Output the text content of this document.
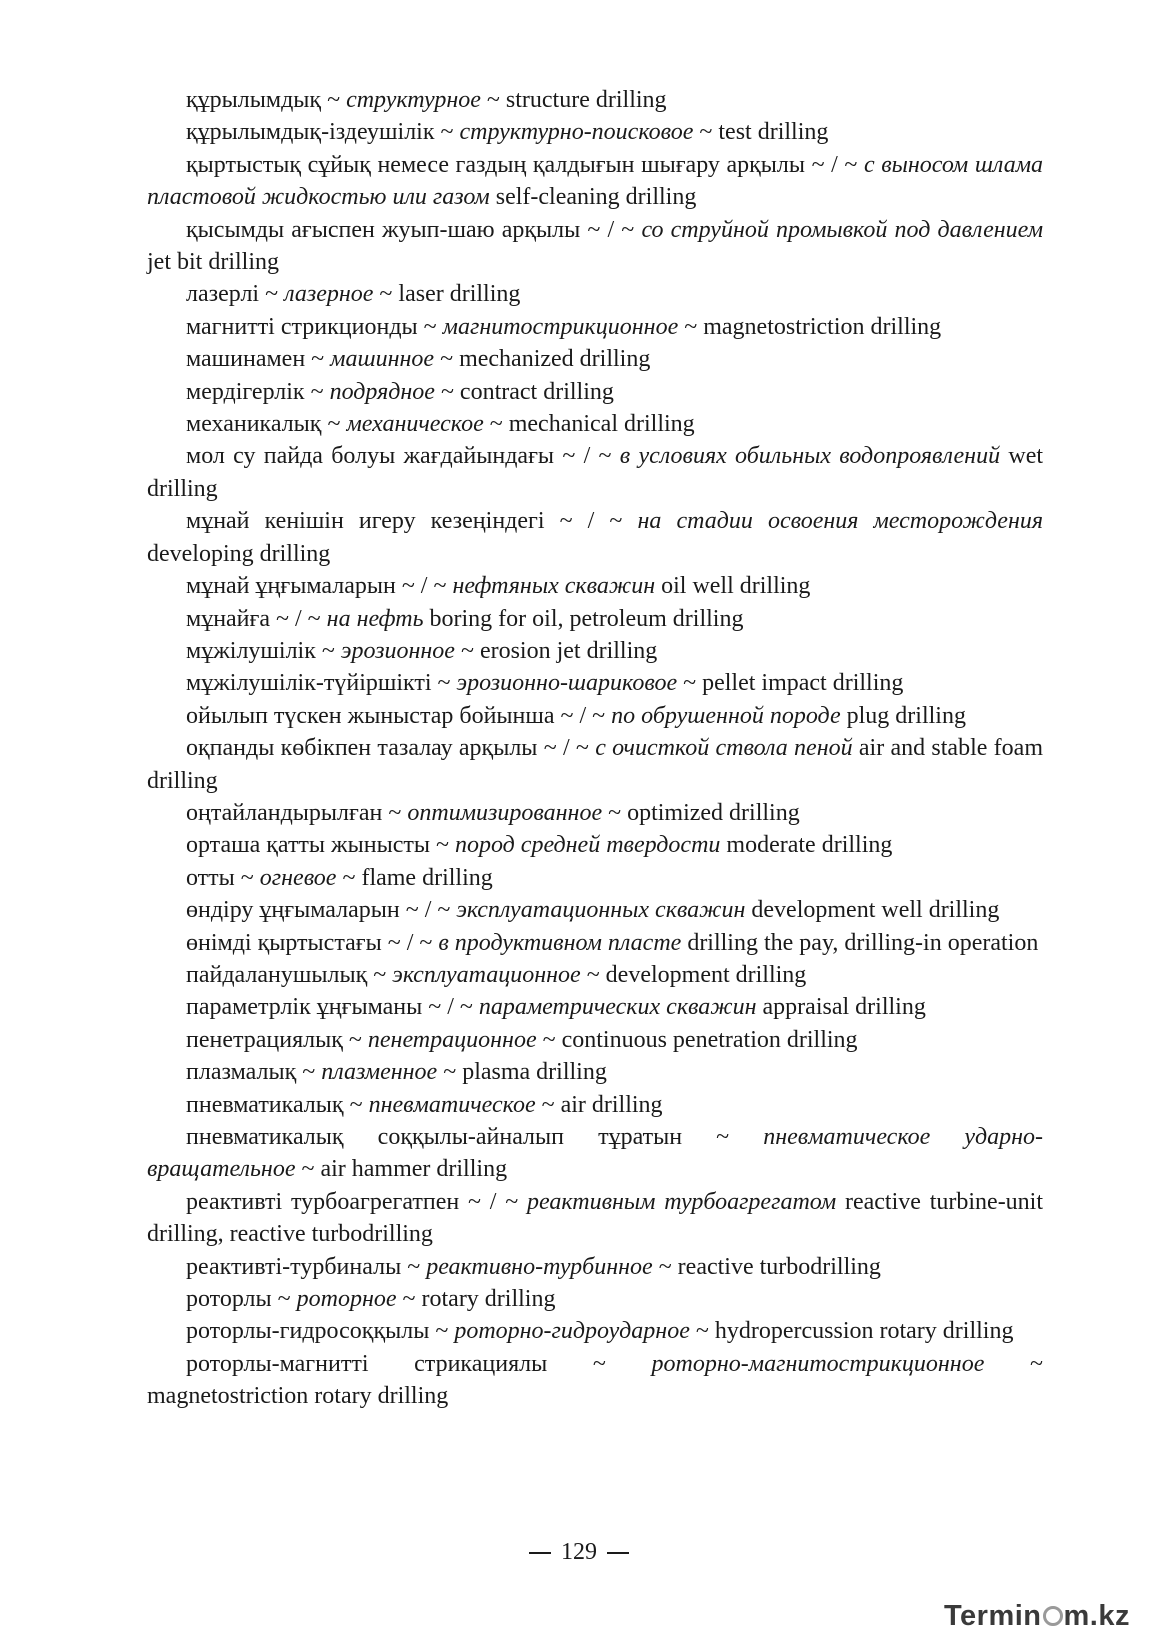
құрылымдық ~ структурное ~ structure drilling

құрылымдық-іздеушілік ~ структурно-поисковое ~ test drilling

қыртыстық сұйық немесе газдың қалдығын шығару арқылы ~ / ~ с выносом шлама пластовой жидкостью или газом self-cleaning drilling

қысымды ағыспен жуып-шаю арқылы ~ / ~ со струйной промывкой под давлением jet bit drilling

лазерлі ~ лазерное ~ laser drilling

магнитті стрикционды ~ магнитострикционное ~ magnetostriction drilling

машинамен ~ машинное ~ mechanized drilling

мердігерлік ~ подрядное ~ contract drilling

механикалық ~ механическое ~ mechanical drilling

мол су пайда болуы жағдайындағы ~ / ~ в условиях обильных водопроявлений wet drilling

мұнай кенішін игеру кезеңіндегі ~ / ~ на стадии освоения месторождения developing drilling

мұнай ұңғымаларын ~ / ~ нефтяных скважин oil well drilling

мұнайға ~ / ~ на нефть boring for oil, petroleum drilling

мұжілушілік ~ эрозионное ~ erosion jet drilling

мұжілушілік-түйіршікті ~ эрозионно-шариковое ~ pellet impact drilling

ойылып түскен жыныстар бойынша ~ / ~ по обрушенной породе plug drilling

оқпанды көбікпен тазалау арқылы ~ / ~ с очисткой ствола пеной air and stable foam drilling

оңтайландырылған ~ оптимизированное ~ optimized drilling

орташа қатты жынысты ~ пород средней твердости moderate drilling

отты ~ огневое ~ flame drilling

өндіру ұңғымаларын ~ / ~ эксплуатационных скважин development well drilling

өнімді қыртыстағы ~ / ~ в продуктивном пласте drilling the pay, drilling-in operation

пайдаланушылық ~ эксплуатационное ~ development drilling

параметрлік ұңғыманы ~ / ~ параметрических скважин appraisal drilling

пенетрациялық ~ пенетрационное ~ continuous penetration drilling

плазмалық ~ плазменное ~ plasma drilling

пневматикалық ~ пневматическое ~ air drilling

пневматикалық соққылы-айналып тұратын ~ пневматическое ударно-вращательное ~ air hammer drilling

реактивті турбоагрегатпен ~ / ~ реактивным турбоагрегатом reactive turbine-unit drilling, reactive turbodrilling

реактивті-турбиналы ~ реактивно-турбинное ~ reactive turbodrilling

роторлы ~ роторное ~ rotary drilling

роторлы-гидросоққылы ~ роторно-гидроударное ~ hydropercussion rotary drilling

роторлы-магнитті стрикациялы ~ роторно-магнитострикционное ~ magnetostriction rotary drilling

129
Termin m.kz
